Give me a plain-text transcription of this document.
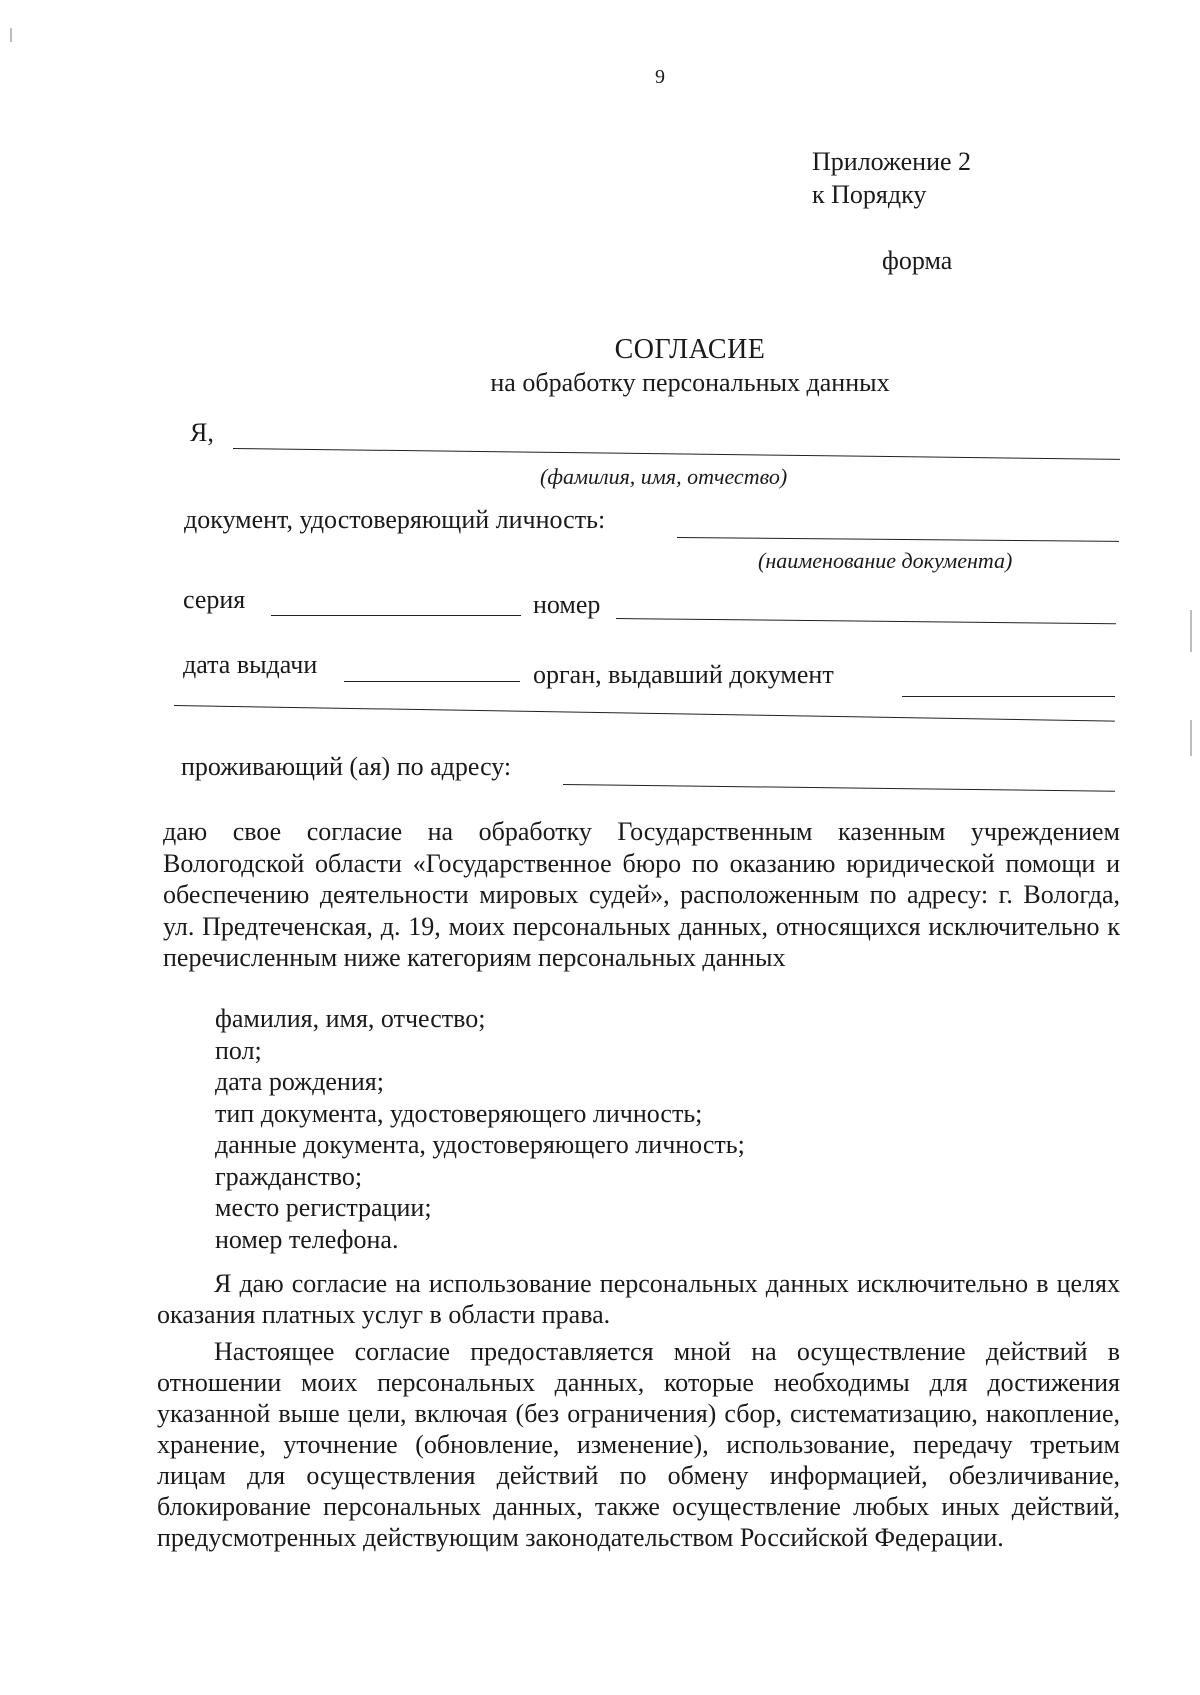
9
Приложение 2
к Порядку
форма
СОГЛАСИЕ
на обработку персональных данных
Я,
(фамилия, имя, отчество)
документ, удостоверяющий личность:
(наименование документа)
серия	номер
дата выдачи	орган, выдавший документ
проживающий (ая) по адресу:
даю свое согласие на обработку Государственным казенным учреждением Вологодской области «Государственное бюро по оказанию юридической помощи и обеспечению деятельности мировых судей», расположенным по адресу: г. Вологда, ул. Предтеченская, д. 19, моих персональных данных, относящихся исключительно к перечисленным ниже категориям персональных данных
фамилия, имя, отчество;
пол;
дата рождения;
тип документа, удостоверяющего личность;
данные документа, удостоверяющего личность;
гражданство;
место регистрации;
номер телефона.
Я даю согласие на использование персональных данных исключительно в целях оказания платных услуг в области права.
Настоящее согласие предоставляется мной на осуществление действий в отношении моих персональных данных, которые необходимы для достижения указанной выше цели, включая (без ограничения) сбор, систематизацию, накопление, хранение, уточнение (обновление, изменение), использование, передачу третьим лицам для осуществления действий по обмену информацией, обезличивание, блокирование персональных данных, также осуществление любых иных действий, предусмотренных действующим законодательством Российской Федерации.
